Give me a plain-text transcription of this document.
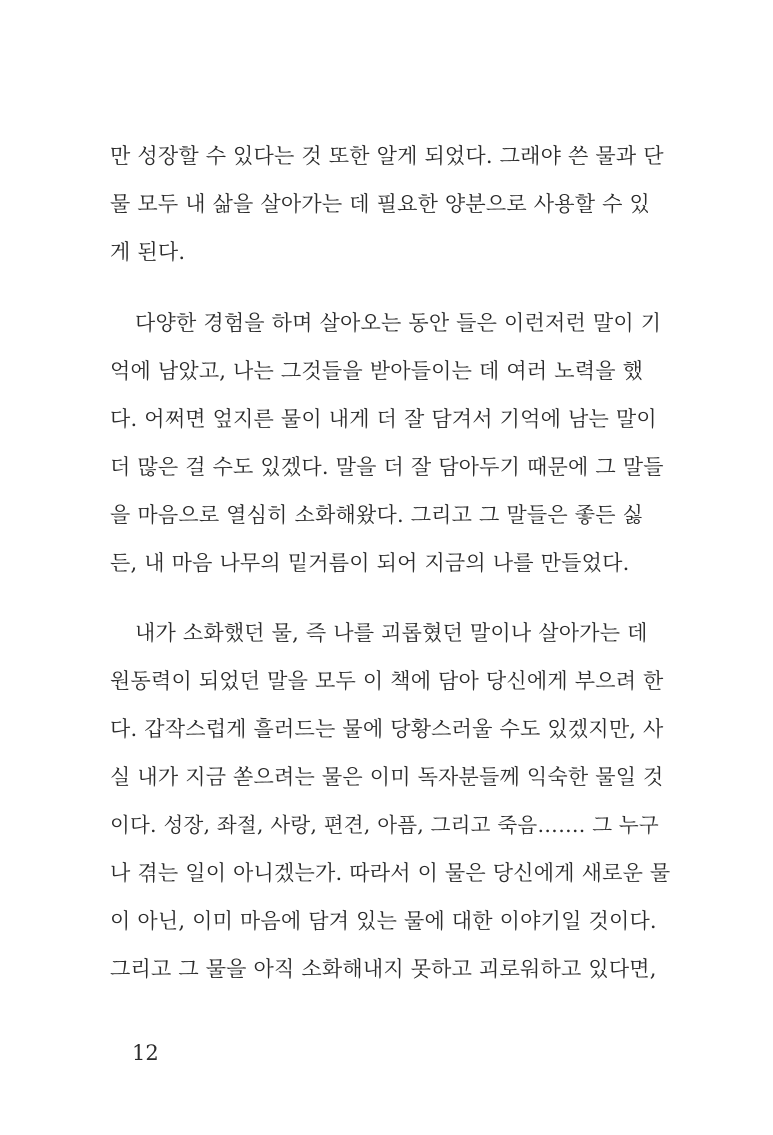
만 성장할 수 있다는 것 또한 알게 되었다. 그래야 쓴 물과 단
물 모두 내 삶을 살아가는 데 필요한 양분으로 사용할 수 있
게 된다.
다양한 경험을 하며 살아오는 동안 들은 이런저런 말이 기
억에 남았고, 나는 그것들을 받아들이는 데 여러 노력을 했
다. 어쩌면 엎지른 물이 내게 더 잘 담겨서 기억에 남는 말이
더 많은 걸 수도 있겠다. 말을 더 잘 담아두기 때문에 그 말들
을 마음으로 열심히 소화해왔다. 그리고 그 말들은 좋든 싫
든, 내 마음 나무의 밑거름이 되어 지금의 나를 만들었다.
내가 소화했던 물, 즉 나를 괴롭혔던 말이나 살아가는 데
원동력이 되었던 말을 모두 이 책에 담아 당신에게 부으려 한
다. 갑작스럽게 흘러드는 물에 당황스러울 수도 있겠지만, 사
실 내가 지금 쏟으려는 물은 이미 독자분들께 익숙한 물일 것
이다. 성장, 좌절, 사랑, 편견, 아픔, 그리고 죽음……. 그 누구
나 겪는 일이 아니겠는가. 따라서 이 물은 당신에게 새로운 물
이 아닌, 이미 마음에 담겨 있는 물에 대한 이야기일 것이다.
그리고 그 물을 아직 소화해내지 못하고 괴로워하고 있다면,
12
